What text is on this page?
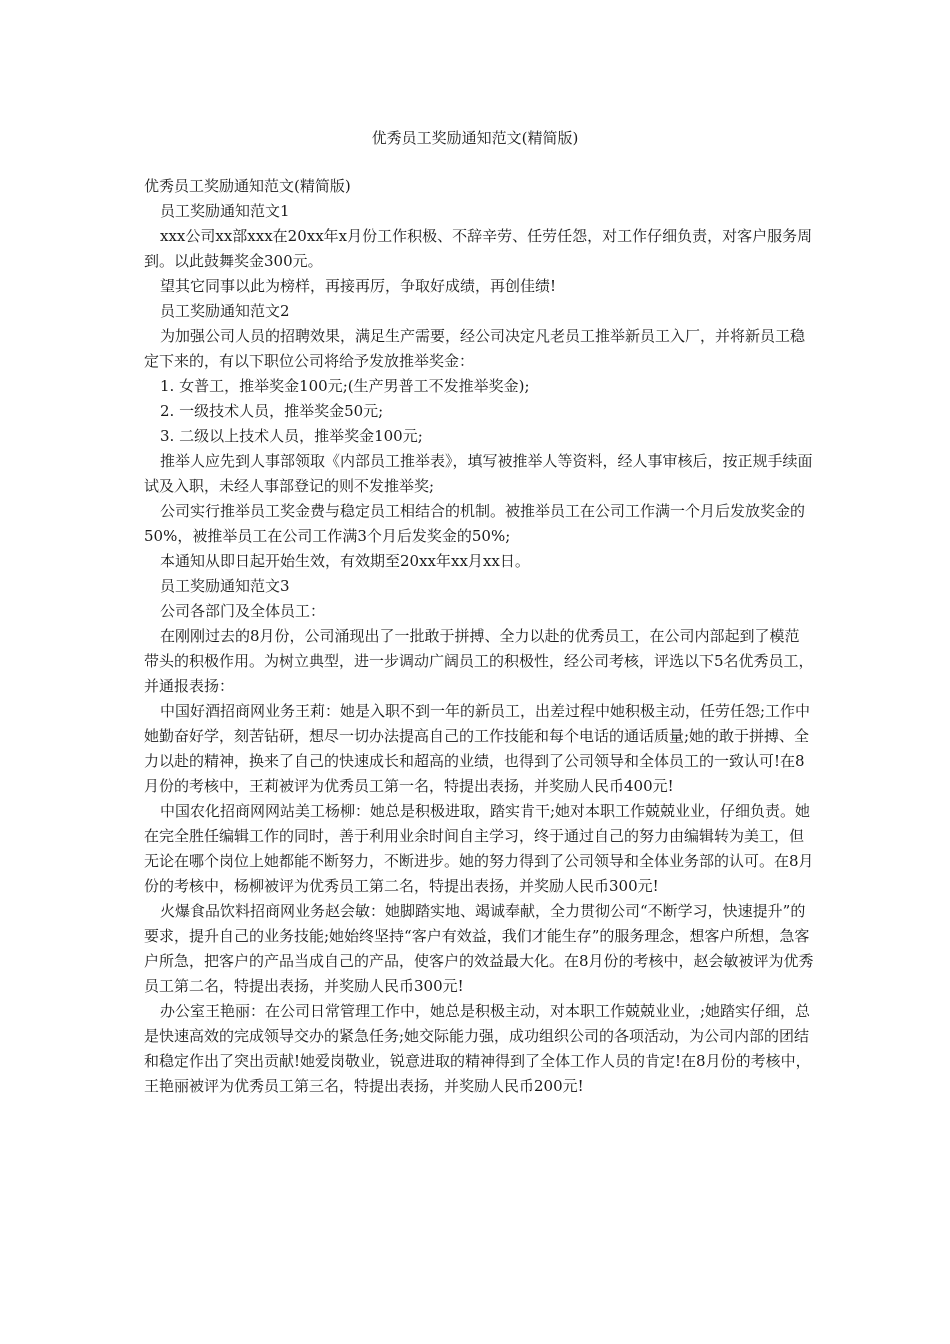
优秀员工奖励通知范文(精简版)

优秀员工奖励通知范文(精简版)

员工奖励通知范文1

xxx公司xx部xxx在20xx年x月份工作积极、不辞辛劳、任劳任怨，对工作仔细负责，对客户服务周到。以此鼓舞奖金300元。

望其它同事以此为榜样，再接再厉，争取好成绩，再创佳绩!

员工奖励通知范文2

为加强公司人员的招聘效果，满足生产需要，经公司决定凡老员工推举新员工入厂，并将新员工稳定下来的，有以下职位公司将给予发放推举奖金：

1. 女普工，推举奖金100元;(生产男普工不发推举奖金);

2. 一级技术人员，推举奖金50元;

3. 二级以上技术人员，推举奖金100元;

推举人应先到人事部领取《内部员工推举表》，填写被推举人等资料，经人事审核后，按正规手续面试及入职，未经人事部登记的则不发推举奖;

公司实行推举员工奖金费与稳定员工相结合的机制。被推举员工在公司工作满一个月后发放奖金的50%，被推举员工在公司工作满3个月后发奖金的50%;

本通知从即日起开始生效，有效期至20xx年xx月xx日。

员工奖励通知范文3

公司各部门及全体员工：

在刚刚过去的8月份，公司涌现出了一批敢于拼搏、全力以赴的优秀员工，在公司内部起到了模范带头的积极作用。为树立典型，进一步调动广阔员工的积极性，经公司考核，评选以下5名优秀员工，并通报表扬：

中国好酒招商网业务王莉：她是入职不到一年的新员工，出差过程中她积极主动，任劳任怨;工作中她勤奋好学，刻苦钻研，想尽一切办法提高自己的工作技能和每个电话的通话质量;她的敢于拼搏、全力以赴的精神，换来了自己的快速成长和超高的业绩，也得到了公司领导和全体员工的一致认可!在8月份的考核中，王莉被评为优秀员工第一名，特提出表扬，并奖励人民币400元!

中国农化招商网网站美工杨柳：她总是积极进取，踏实肯干;她对本职工作兢兢业业，仔细负责。她在完全胜任编辑工作的同时，善于利用业余时间自主学习，终于通过自己的努力由编辑转为美工，但无论在哪个岗位上她都能不断努力，不断进步。她的努力得到了公司领导和全体业务部的认可。在8月份的考核中，杨柳被评为优秀员工第二名，特提出表扬，并奖励人民币300元!

火爆食品饮料招商网业务赵会敏：她脚踏实地、竭诚奉献，全力贯彻公司“不断学习，快速提升”的要求，提升自己的业务技能;她始终坚持“客户有效益，我们才能生存”的服务理念，想客户所想，急客户所急，把客户的产品当成自己的产品，使客户的效益最大化。在8月份的考核中，赵会敏被评为优秀员工第二名，特提出表扬，并奖励人民币300元!

办公室王艳丽：在公司日常管理工作中，她总是积极主动，对本职工作兢兢业业，;她踏实仔细，总是快速高效的完成领导交办的紧急任务;她交际能力强，成功组织公司的各项活动，为公司内部的团结和稳定作出了突出贡献!她爱岗敬业，锐意进取的精神得到了全体工作人员的肯定!在8月份的考核中，王艳丽被评为优秀员工第三名，特提出表扬，并奖励人民币200元!
